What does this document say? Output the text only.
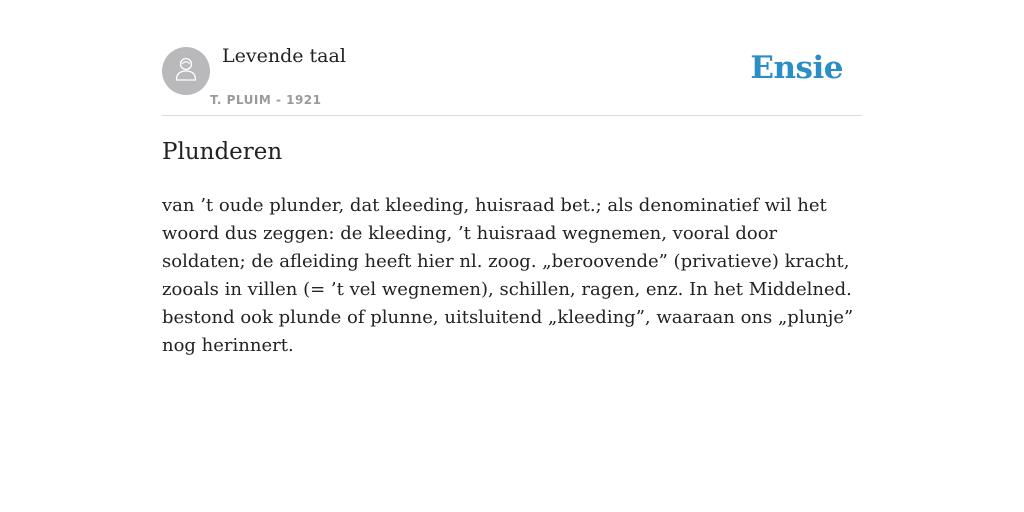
Levende taal
T. PLUIM - 1921
Ensie
Plunderen

van ’t oude plunder, dat kleeding, huisraad bet.; als denominatief wil het woord dus zeggen: de kleeding, ’t huisraad wegnemen, vooral door soldaten; de afleiding heeft hier nl. zoog. „beroovende” (privatieve) kracht, zooals in villen (= ’t vel wegnemen), schillen, ragen, enz. In het Middelned. bestond ook plunde of plunne, uitsluitend „kleeding”, waaraan ons „plunje” nog herinnert.
